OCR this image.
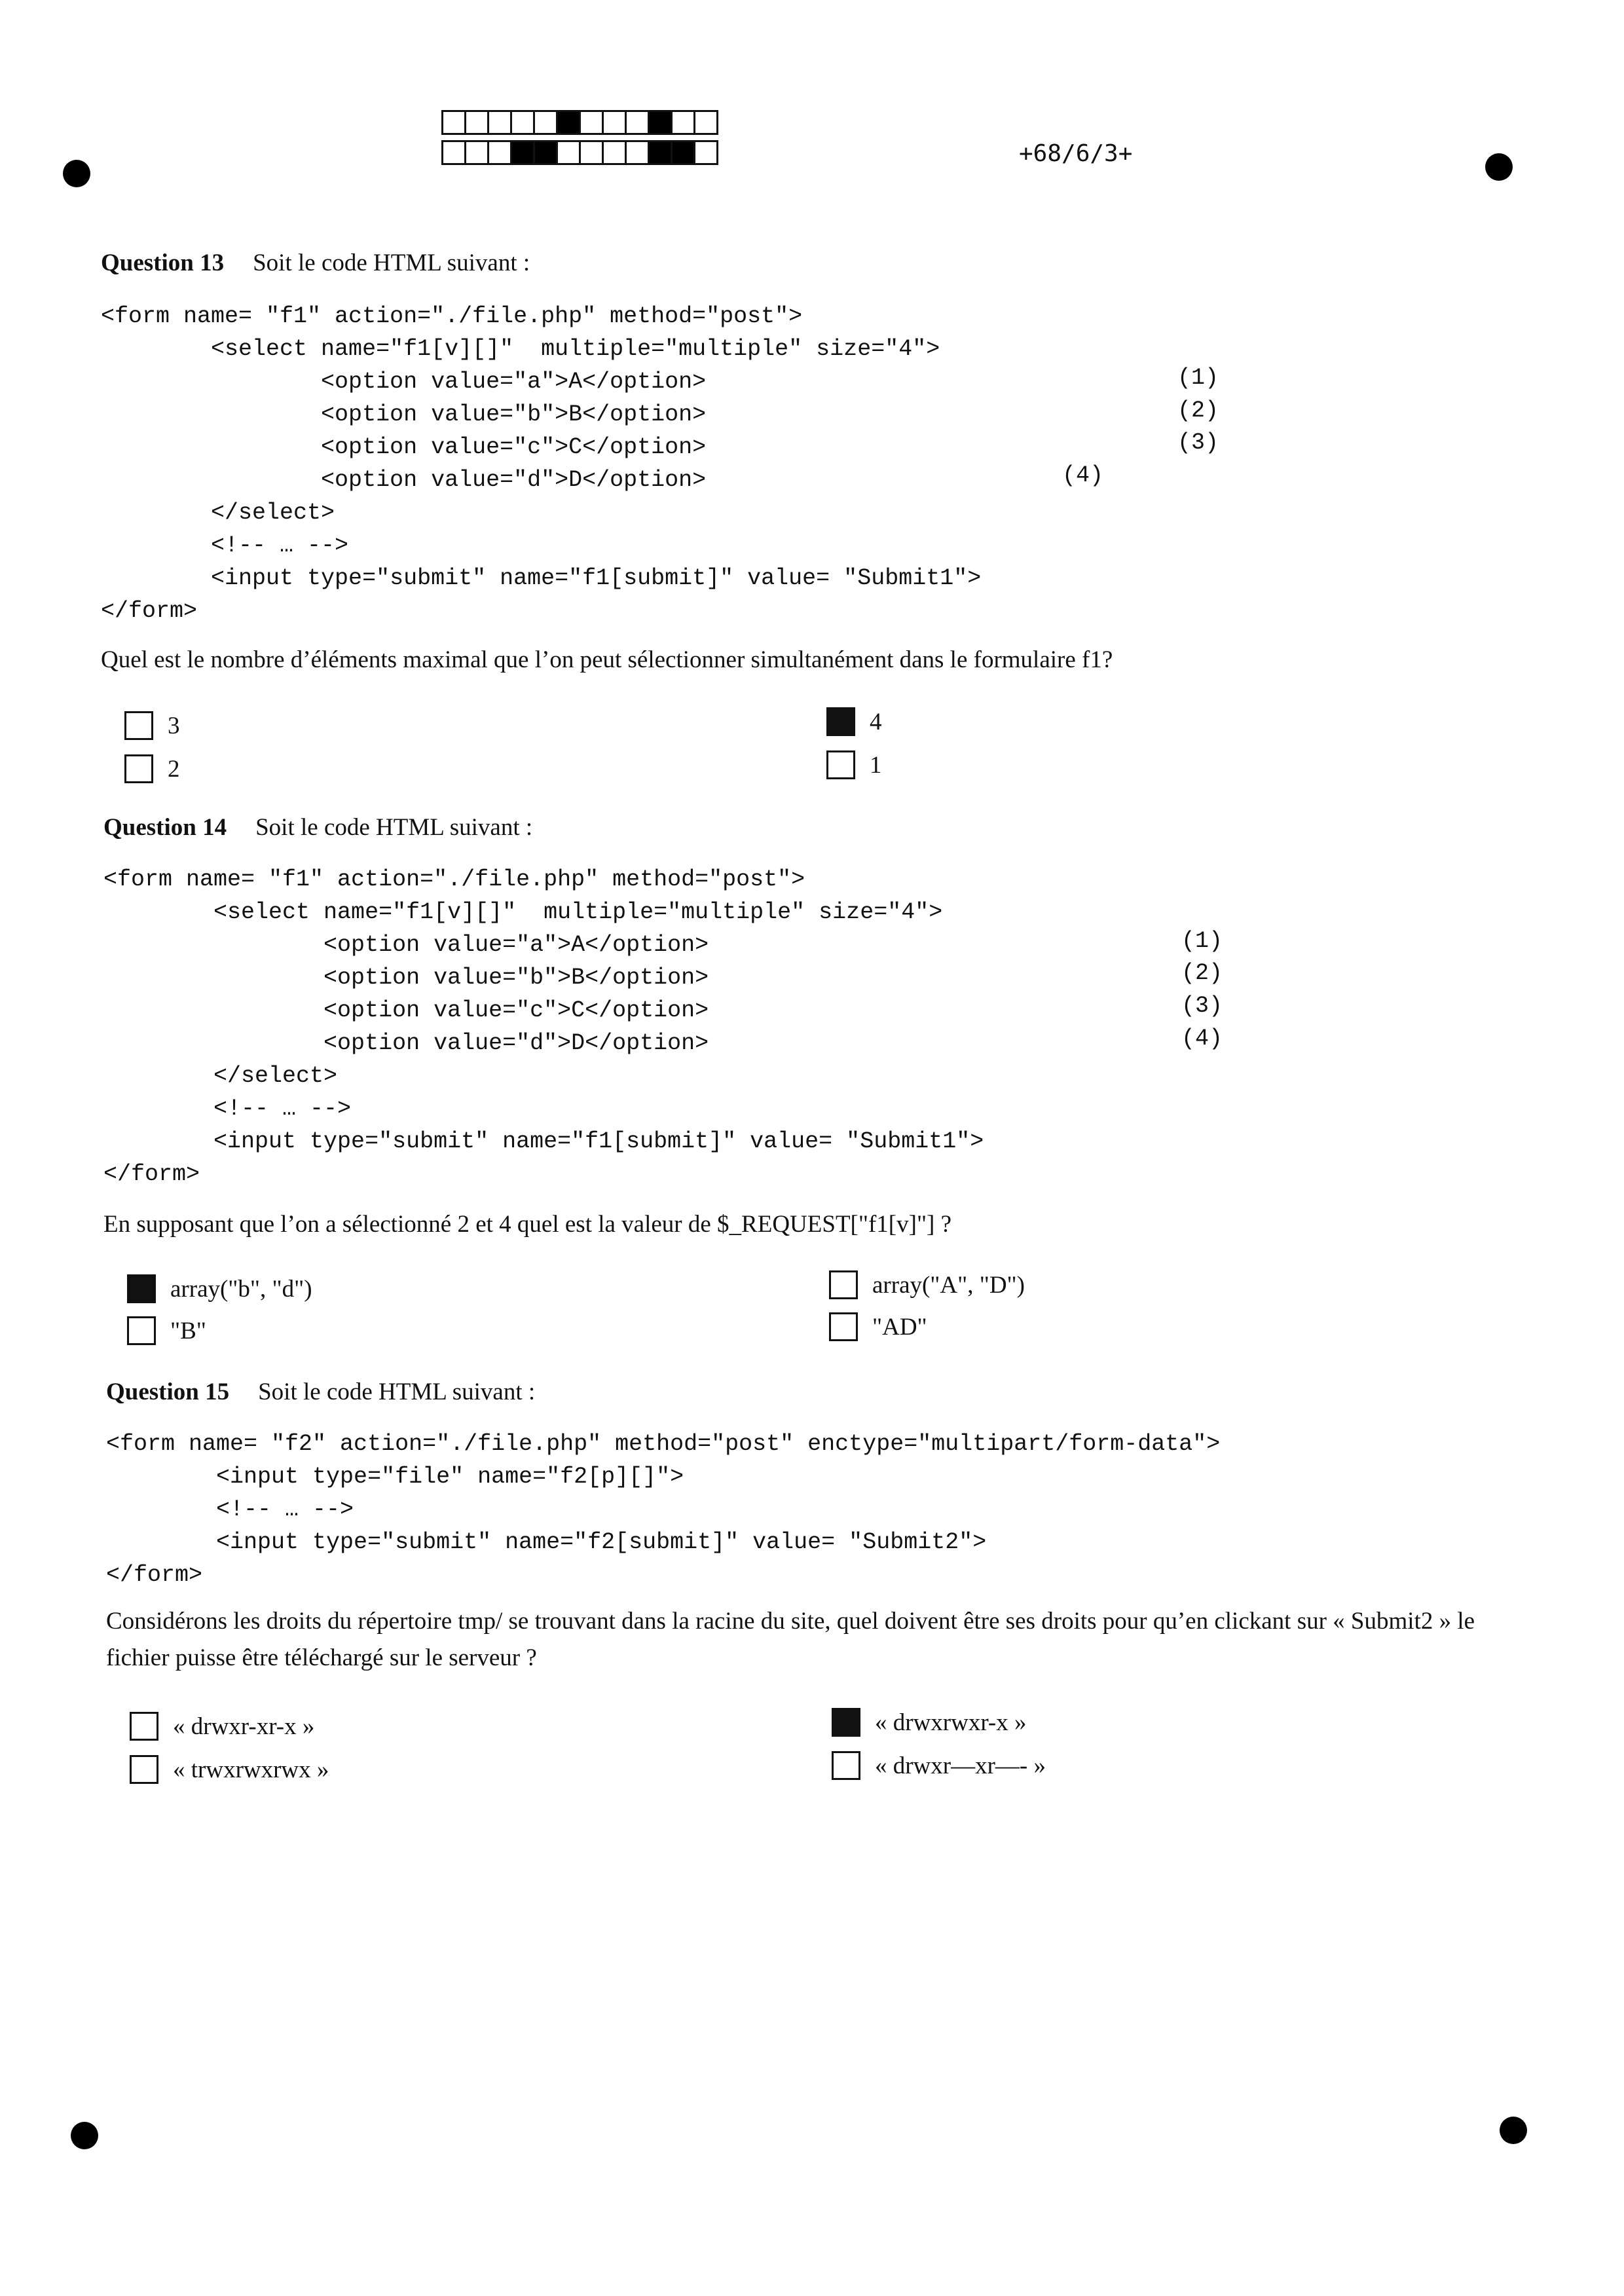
+68/6/3+
Question 13 Soit le code HTML suivant :
<form name= "f1" action="./file.php" method="post">
<select name="f1[v][]"  multiple="multiple" size="4">
<option value="a">A</option>
<option value="b">B</option>
<option value="c">C</option>
<option value="d">D</option>
</select>
<!-- … -->
<input type="submit" name="f1[submit]" value= "Submit1">
</form>
(1)
(2)
(3)
(4)
Quel est le nombre d’éléments maximal que l’on peut sélectionner simultanément dans le formulaire f1?
3
2
4
1
Question 14 Soit le code HTML suivant :
<form name= "f1" action="./file.php" method="post">
<select name="f1[v][]"  multiple="multiple" size="4">
<option value="a">A</option>
<option value="b">B</option>
<option value="c">C</option>
<option value="d">D</option>
</select>
<!-- … -->
<input type="submit" name="f1[submit]" value= "Submit1">
</form>
(1)
(2)
(3)
(4)
En supposant que l’on a sélectionné 2 et 4 quel est la valeur de $_REQUEST["f1[v]"] ?
array("b", "d")
"B"
array("A", "D")
"AD"
Question 15 Soit le code HTML suivant :
<form name= "f2" action="./file.php" method="post" enctype="multipart/form-data">
<input type="file" name="f2[p][]">
<!-- … -->
<input type="submit" name="f2[submit]" value= "Submit2">
</form>
Considérons les droits du répertoire tmp/ se trouvant dans la racine du site, quel doivent être ses droits pour qu’en clickant sur « Submit2 » le fichier puisse être téléchargé sur le serveur ?
« drwxr-xr-x »
« trwxrwxrwx »
« drwxrwxr-x »
« drwxr—xr—- »
